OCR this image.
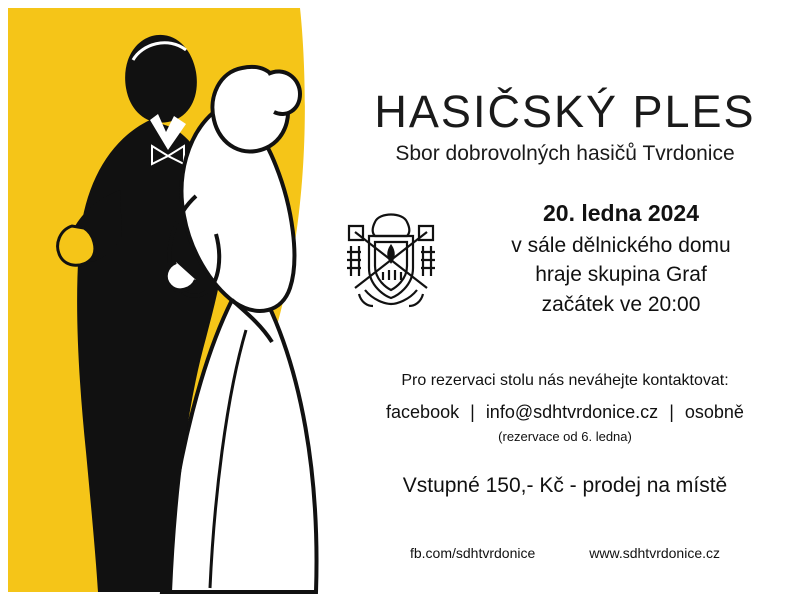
HASIČSKÝ PLES
Sbor dobrovolných hasičů Tvrdonice
20. ledna 2024
v sále dělnického domu
hraje skupina Graf
začátek ve 20:00
Pro rezervaci stolu nás neváhejte kontaktovat:
facebook | info@sdhtvrdonice.cz | osobně
(rezervace od 6. ledna)
Vstupné 150,- Kč - prodej na místě
fb.com/sdhtvrdonice	www.sdhtvrdonice.cz
